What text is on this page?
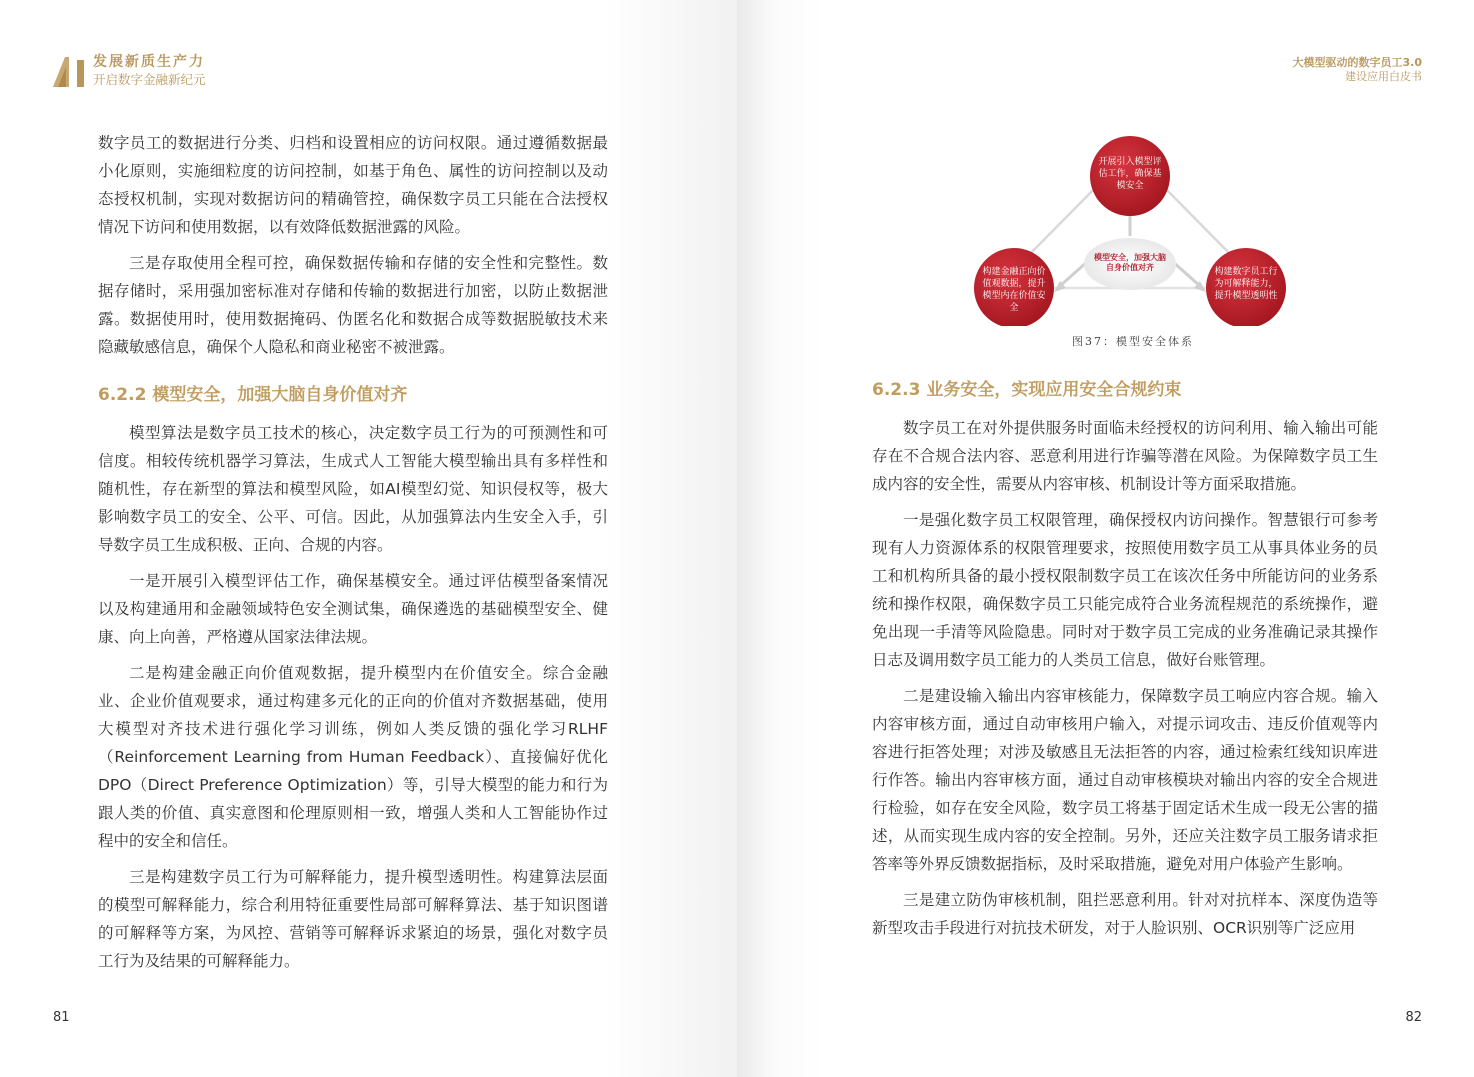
发展新质生产力
开启数字金融新纪元

数字员工的数据进行分类、归档和设置相应的访问权限。通过遵循数据最小化原则，实施细粒度的访问控制，如基于角色、属性的访问控制以及动态授权机制，实现对数据访问的精确管控，确保数字员工只能在合法授权情况下访问和使用数据，以有效降低数据泄露的风险。

三是存取使用全程可控，确保数据传输和存储的安全性和完整性。数据存储时，采用强加密标准对存储和传输的数据进行加密，以防止数据泄露。数据使用时，使用数据掩码、伪匿名化和数据合成等数据脱敏技术来隐藏敏感信息，确保个人隐私和商业秘密不被泄露。

6.2.2 模型安全，加强大脑自身价值对齐

模型算法是数字员工技术的核心，决定数字员工行为的可预测性和可信度。相较传统机器学习算法，生成式人工智能大模型输出具有多样性和随机性，存在新型的算法和模型风险，如AI模型幻觉、知识侵权等，极大影响数字员工的安全、公平、可信。因此，从加强算法内生安全入手，引导数字员工生成积极、正向、合规的内容。

一是开展引入模型评估工作，确保基模安全。通过评估模型备案情况以及构建通用和金融领域特色安全测试集，确保遴选的基础模型安全、健康、向上向善，严格遵从国家法律法规。

二是构建金融正向价值观数据，提升模型内在价值安全。综合金融业、企业价值观要求，通过构建多元化的正向的价值对齐数据基础，使用大模型对齐技术进行强化学习训练，例如人类反馈的强化学习RLHF（Reinforcement Learning from Human Feedback）、直接偏好优化DPO（Direct Preference Optimization）等，引导大模型的能力和行为跟人类的价值、真实意图和伦理原则相一致，增强人类和人工智能协作过程中的安全和信任。

三是构建数字员工行为可解释能力，提升模型透明性。构建算法层面的模型可解释能力，综合利用特征重要性局部可解释算法、基于知识图谱的可解释等方案，为风控、营销等可解释诉求紧迫的场景，强化对数字员工行为及结果的可解释能力。

81
大模型驱动的数字员工3.0
建设应用白皮书
82
开展引入模型评估工作，确保基模安全
构建金融正向价值观数据，提升模型内在价值安全
构建数字员工行为可解释能力，提升模型透明性
模型安全，加强大脑自身价值对齐
图37：模型安全体系
6.2.3 业务安全，实现应用安全合规约束

数字员工在对外提供服务时面临未经授权的访问利用、输入输出可能存在不合规合法内容、恶意利用进行诈骗等潜在风险。为保障数字员工生成内容的安全性，需要从内容审核、机制设计等方面采取措施。

一是强化数字员工权限管理，确保授权内访问操作。智慧银行可参考现有人力资源体系的权限管理要求，按照使用数字员工从事具体业务的员工和机构所具备的最小授权限制数字员工在该次任务中所能访问的业务系统和操作权限，确保数字员工只能完成符合业务流程规范的系统操作，避免出现一手清等风险隐患。同时对于数字员工完成的业务准确记录其操作日志及调用数字员工能力的人类员工信息，做好台账管理。

二是建设输入输出内容审核能力，保障数字员工响应内容合规。输入内容审核方面，通过自动审核用户输入，对提示词攻击、违反价值观等内容进行拒答处理；对涉及敏感且无法拒答的内容，通过检索红线知识库进行作答。输出内容审核方面，通过自动审核模块对输出内容的安全合规进行检验，如存在安全风险，数字员工将基于固定话术生成一段无公害的描述，从而实现生成内容的安全控制。另外，还应关注数字员工服务请求拒答率等外界反馈数据指标，及时采取措施，避免对用户体验产生影响。

三是建立防伪审核机制，阻拦恶意利用。针对对抗样本、深度伪造等新型攻击手段进行对抗技术研发，对于人脸识别、OCR识别等广泛应用
